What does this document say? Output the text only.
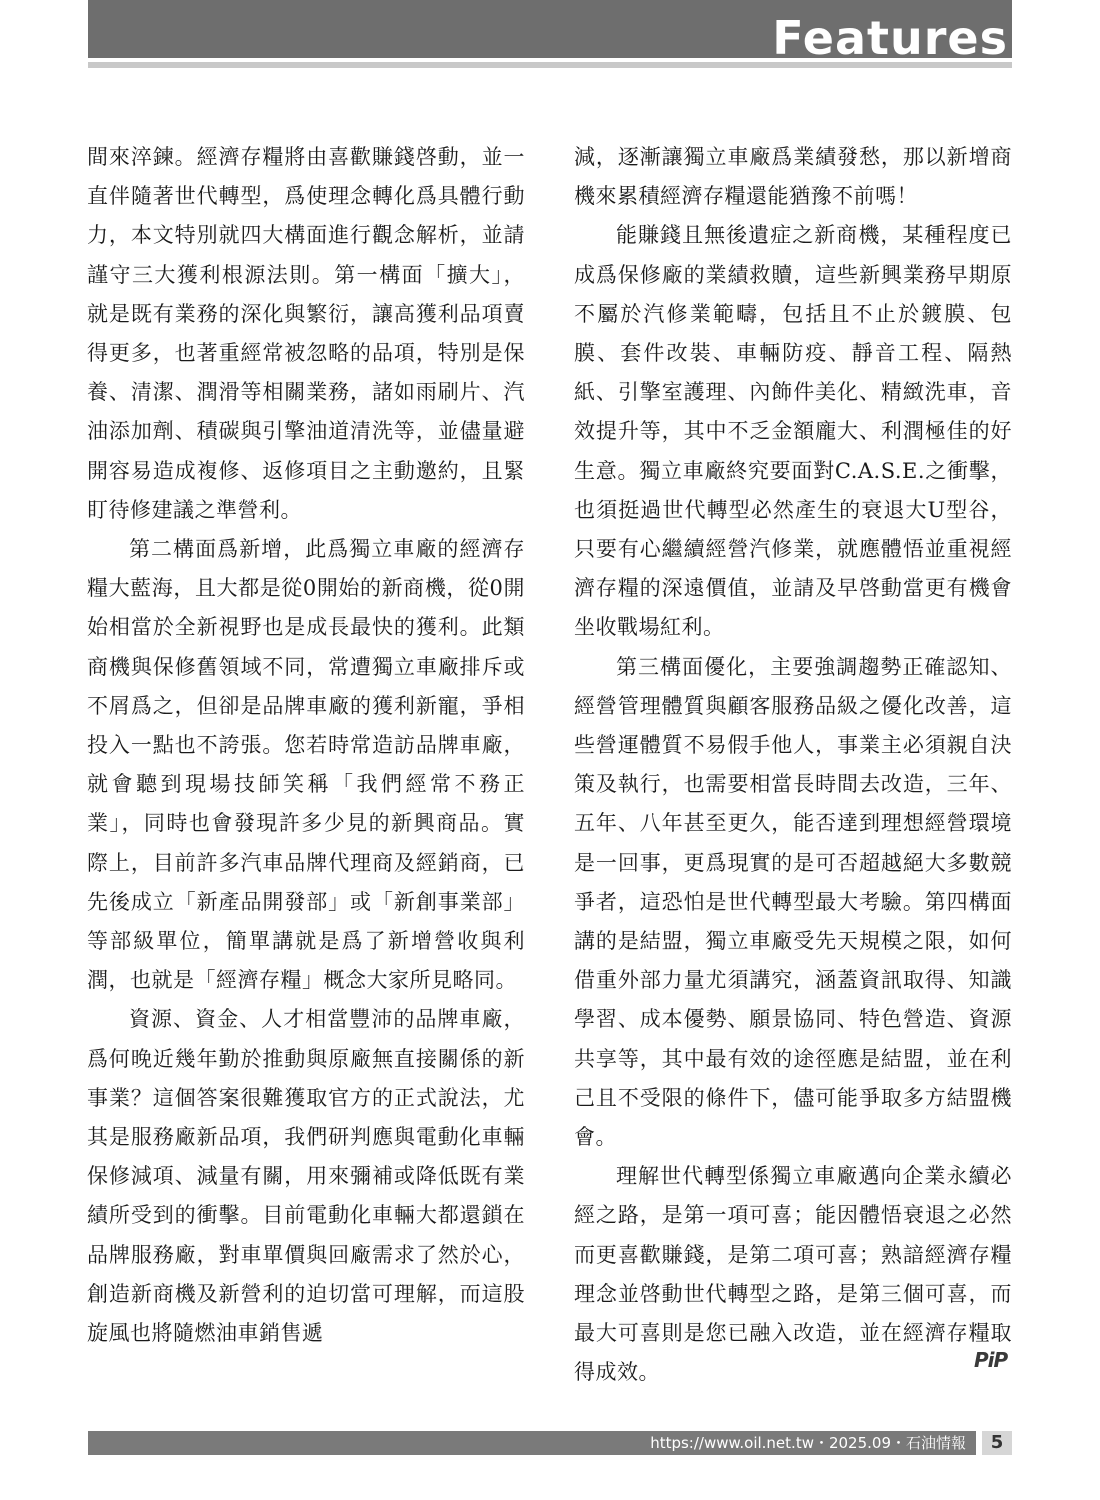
Features

間來淬鍊。經濟存糧將由喜歡賺錢啓動，並一直伴隨著世代轉型，爲使理念轉化爲具體行動力，本文特別就四大構面進行觀念解析，並請謹守三大獲利根源法則。第一構面「擴大」，就是既有業務的深化與繁衍，讓高獲利品項賣得更多，也著重經常被忽略的品項，特別是保養、清潔、潤滑等相關業務，諸如雨刷片、汽油添加劑、積碳與引擎油道清洗等，並儘量避開容易造成複修、返修項目之主動邀約，且緊盯待修建議之準營利。

第二構面爲新增，此爲獨立車廠的經濟存糧大藍海，且大都是從0開始的新商機，從0開始相當於全新視野也是成長最快的獲利。此類商機與保修舊領域不同，常遭獨立車廠排斥或不屑爲之，但卻是品牌車廠的獲利新寵，爭相投入一點也不誇張。您若時常造訪品牌車廠，就會聽到現場技師笑稱「我們經常不務正業」，同時也會發現許多少見的新興商品。實際上，目前許多汽車品牌代理商及經銷商，已先後成立「新產品開發部」或「新創事業部」等部級單位，簡單講就是爲了新增營收與利潤，也就是「經濟存糧」概念大家所見略同。

資源、資金、人才相當豐沛的品牌車廠，爲何晚近幾年勤於推動與原廠無直接關係的新事業？這個答案很難獲取官方的正式說法，尤其是服務廠新品項，我們研判應與電動化車輛保修減項、減量有關，用來彌補或降低既有業績所受到的衝擊。目前電動化車輛大都還鎖在品牌服務廠，對車單價與回廠需求了然於心，創造新商機及新營利的迫切當可理解，而這股旋風也將隨燃油車銷售遞

減，逐漸讓獨立車廠爲業績發愁，那以新增商機來累積經濟存糧還能猶豫不前嗎！

能賺錢且無後遺症之新商機，某種程度已成爲保修廠的業績救贖，這些新興業務早期原不屬於汽修業範疇，包括且不止於鍍膜、包膜、套件改裝、車輛防疫、靜音工程、隔熱紙、引擎室護理、內飾件美化、精緻洗車，音效提升等，其中不乏金額龐大、利潤極佳的好生意。獨立車廠終究要面對C.A.S.E.之衝擊，也須挺過世代轉型必然產生的衰退大U型谷，只要有心繼續經營汽修業，就應體悟並重視經濟存糧的深遠價值，並請及早啓動當更有機會坐收戰場紅利。

第三構面優化，主要強調趨勢正確認知、經營管理體質與顧客服務品級之優化改善，這些營運體質不易假手他人，事業主必須親自決策及執行，也需要相當長時間去改造，三年、五年、八年甚至更久，能否達到理想經營環境是一回事，更爲現實的是可否超越絕大多數競爭者，這恐怕是世代轉型最大考驗。第四構面講的是結盟，獨立車廠受先天規模之限，如何借重外部力量尤須講究，涵蓋資訊取得、知識學習、成本優勢、願景協同、特色營造、資源共享等，其中最有效的途徑應是結盟，並在利己且不受限的條件下，儘可能爭取多方結盟機會。

理解世代轉型係獨立車廠邁向企業永續必經之路，是第一項可喜；能因體悟衰退之必然而更喜歡賺錢，是第二項可喜；熟諳經濟存糧理念並啓動世代轉型之路，是第三個可喜，而最大可喜則是您已融入改造，並在經濟存糧取得成效。

PiP
https://www.oil.net.tw・2025.09・石油情報	5
